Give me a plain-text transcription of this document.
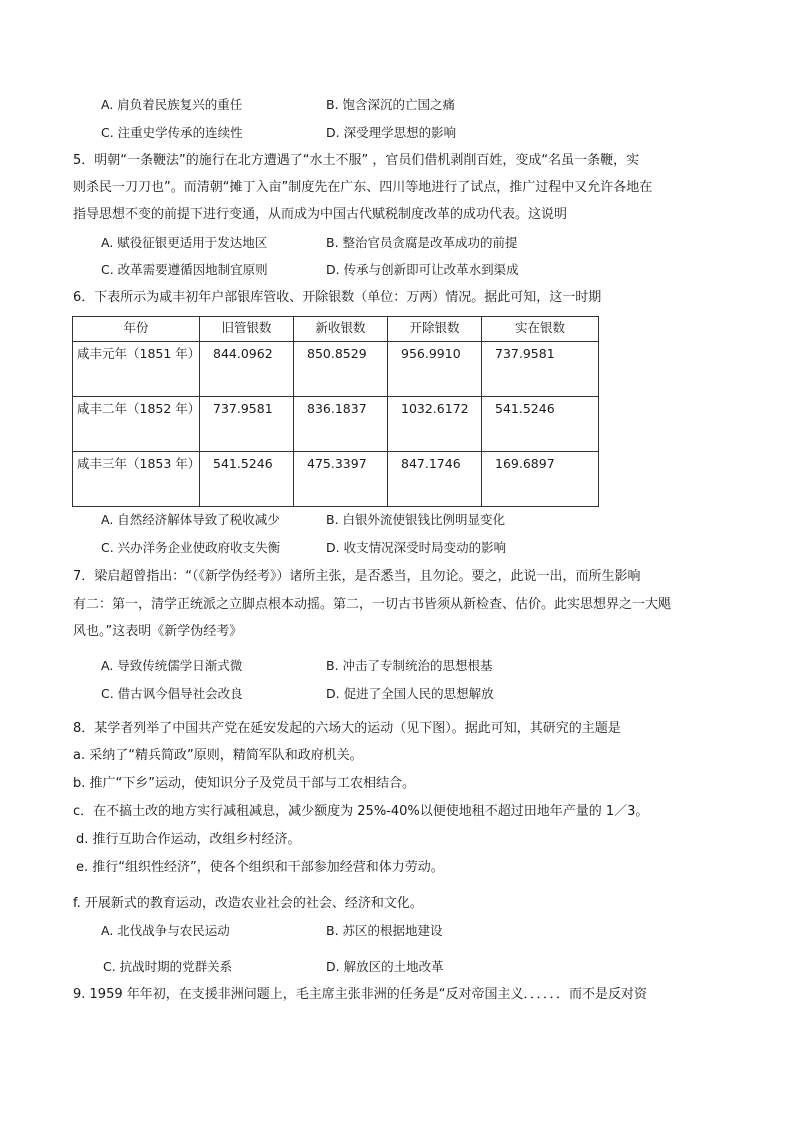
A. 肩负着民族复兴的重任	B. 饱含深沉的亡国之痛
C. 注重史学传承的连续性	D. 深受理学思想的影响
5．明朝“一条鞭法”的施行在北方遭遇了“水土不服” ，官员们借机剥削百姓，变成“名虽一条鞭，实
则杀民一刀刀也”。而清朝“摊丁入亩”制度先在广东、四川等地进行了试点，推广过程中又允许各地在
指导思想不变的前提下进行变通，从而成为中国古代赋税制度改革的成功代表。这说明
A. 赋役征银更适用于发达地区	B. 整治官员贪腐是改革成功的前提
C. 改革需要遵循因地制宜原则	D. 传承与创新即可让改革水到渠成
6．下表所示为咸丰初年户部银库管收、开除银数（单位：万两）情况。据此可知，这一时期
年份	旧管银数	新收银数	开除银数	实在银数
咸丰元年（1851 年）	844.0962	850.8529	956.9910	737.9581
咸丰二年（1852 年）	737.9581	836.1837	1032.6172	541.5246
咸丰三年（1853 年）	541.5246	475.3397	847.1746	169.6897
A. 自然经济解体导致了税收减少	B. 白银外流使银钱比例明显变化
C. 兴办洋务企业使政府收支失衡	D. 收支情况深受时局变动的影响
7．梁启超曾指出：“（《新学伪经考》）诸所主张，是否悉当，且勿论。要之，此说一出，而所生影响
有二：第一，清学正统派之立脚点根本动摇。第二，一切古书皆须从新检查、估价。此实思想界之一大飓
风也。”这表明《新学伪经考》
A. 导致传统儒学日渐式微	B. 冲击了专制统治的思想根基
C. 借古讽今倡导社会改良	D. 促进了全国人民的思想解放
8．某学者列举了中国共产党在延安发起的六场大的运动（见下图）。据此可知，其研究的主题是
a. 采纳了“精兵简政”原则，精简军队和政府机关。
b. 推广“下乡”运动，使知识分子及党员干部与工农相结合。
c．在不搞土改的地方实行减租减息，减少额度为 25%-40%以便使地租不超过田地年产量的 1／3。
d. 推行互助合作运动，改组乡村经济。
e. 推行“组织性经济”，使各个组织和干部参加经营和体力劳动。
f. 开展新式的教育运动，改造农业社会的社会、经济和文化。
A. 北伐战争与农民运动	B. 苏区的根据地建设
C. 抗战时期的党群关系	D. 解放区的土地改革
9. 1959 年年初，在支援非洲问题上，毛主席主张非洲的任务是“反对帝国主义．．．．．．而不是反对资
